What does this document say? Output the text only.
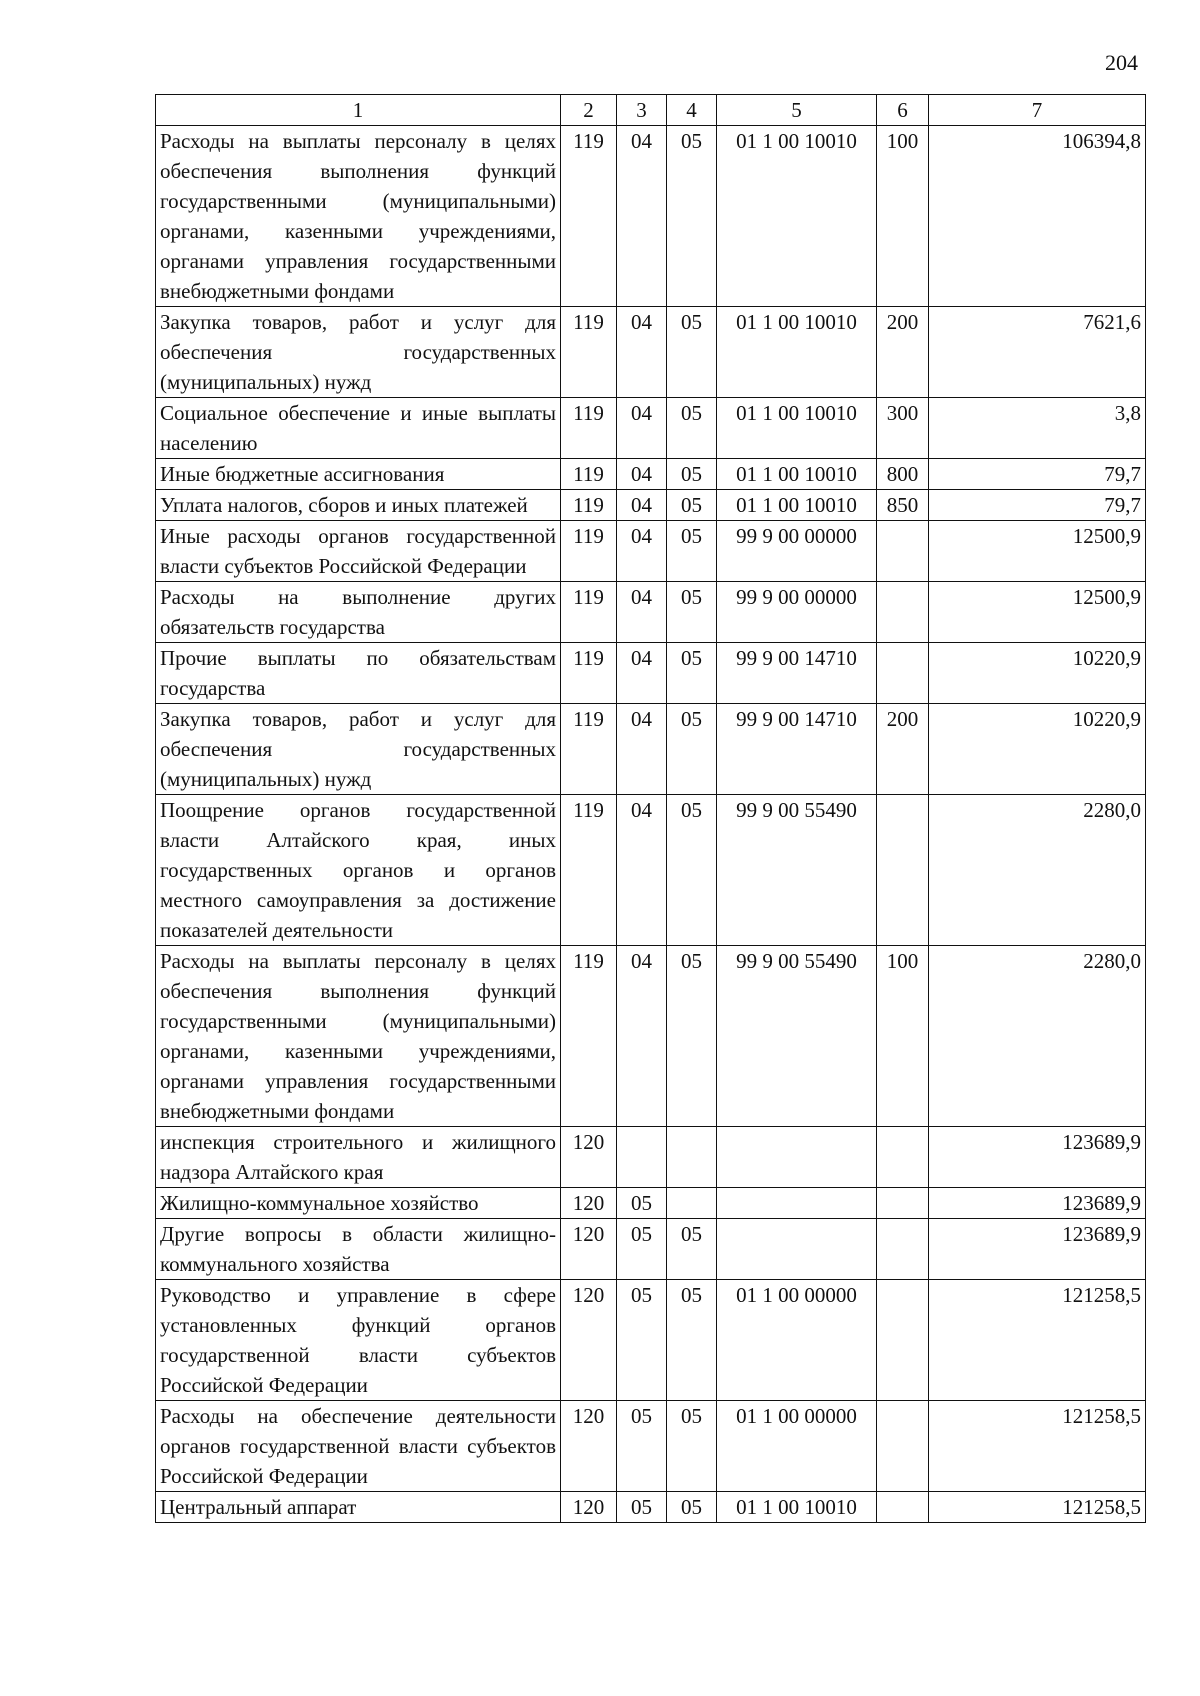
204
1	2	3	4	5	6	7
Расходы на выплаты персоналу в целях обеспечения выполнения функций государственными (муниципальными) органами, казенными учреждениями, органами управления государственными внебюджетными фондами	119	04	05	01 1 00 10010	100	106394,8
Закупка товаров, работ и услуг для обеспечения государственных (муниципальных) нужд	119	04	05	01 1 00 10010	200	7621,6
Социальное обеспечение и иные выплаты населению	119	04	05	01 1 00 10010	300	3,8
Иные бюджетные ассигнования	119	04	05	01 1 00 10010	800	79,7
Уплата налогов, сборов и иных платежей	119	04	05	01 1 00 10010	850	79,7
Иные расходы органов государственной власти субъектов Российской Федерации	119	04	05	99 9 00 00000		12500,9
Расходы на выполнение других обязательств государства	119	04	05	99 9 00 00000		12500,9
Прочие выплаты по обязательствам государства	119	04	05	99 9 00 14710		10220,9
Закупка товаров, работ и услуг для обеспечения государственных (муниципальных) нужд	119	04	05	99 9 00 14710	200	10220,9
Поощрение органов государственной власти Алтайского края, иных государственных органов и органов местного самоуправления за достижение показателей деятельности	119	04	05	99 9 00 55490		2280,0
Расходы на выплаты персоналу в целях обеспечения выполнения функций государственными (муниципальными) органами, казенными учреждениями, органами управления государственными внебюджетными фондами	119	04	05	99 9 00 55490	100	2280,0
инспекция строительного и жилищного надзора Алтайского края	120					123689,9
Жилищно-коммунальное хозяйство	120	05				123689,9
Другие вопросы в области жилищно-коммунального хозяйства	120	05	05			123689,9
Руководство и управление в сфере установленных функций органов государственной власти субъектов Российской Федерации	120	05	05	01 1 00 00000		121258,5
Расходы на обеспечение деятельности органов государственной власти субъектов Российской Федерации	120	05	05	01 1 00 00000		121258,5
Центральный аппарат	120	05	05	01 1 00 10010		121258,5
